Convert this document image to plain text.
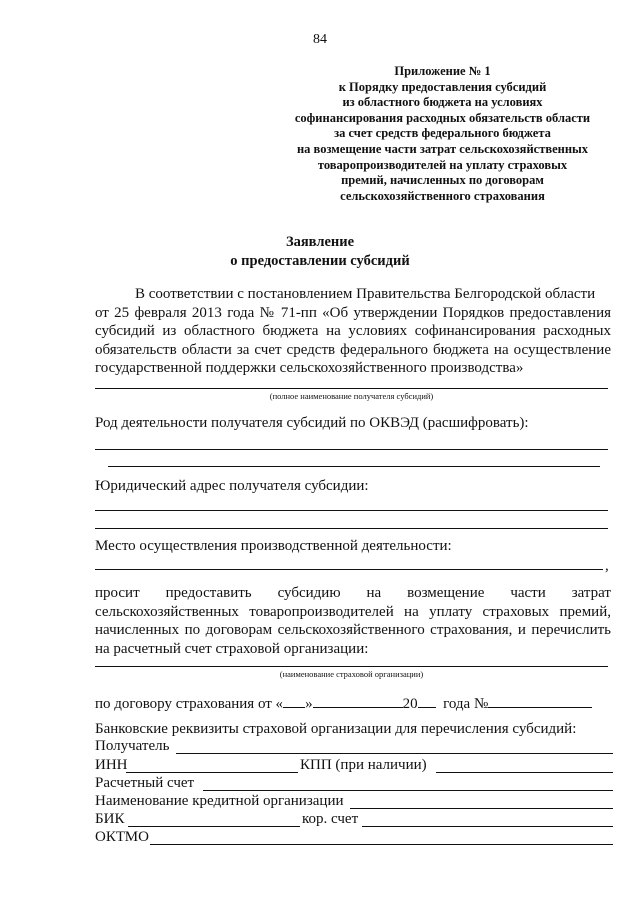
84
Приложение № 1
к Порядку предоставления субсидий
из областного бюджета на условиях
софинансирования расходных обязательств области
за счет средств федерального бюджета
на возмещение части затрат сельскохозяйственных
товаропроизводителей на уплату страховых
премий, начисленных по договорам
сельскохозяйственного страхования
Заявление
о предоставлении субсидий
В соответствии с постановлением Правительства Белгородской области
от 25 февраля 2013 года № 71-пп «Об утверждении Порядков предоставления субсидий из областного бюджета на условиях софинансирования расходных обязательств области за счет средств федерального бюджета на осуществление государственной поддержки сельскохозяйственного производства»
(полное наименование получателя субсидий)
Род деятельности получателя субсидий по ОКВЭД (расшифровать):
Юридический адрес получателя субсидии:
Место осуществления производственной деятельности:
,
просит предоставить субсидию на возмещение части затрат
сельскохозяйственных товаропроизводителей на уплату страховых премий, начисленных по договорам сельскохозяйственного страхования, и перечислить на расчетный счет страховой организации:
(наименование страховой организации)
по договору страхования от « »	20 года №
Банковские реквизиты страховой организации для перечисления субсидий:
Получатель
ИНН	КПП (при наличии)
Расчетный счет
Наименование кредитной организации
БИК	кор. счет
ОКТМО
